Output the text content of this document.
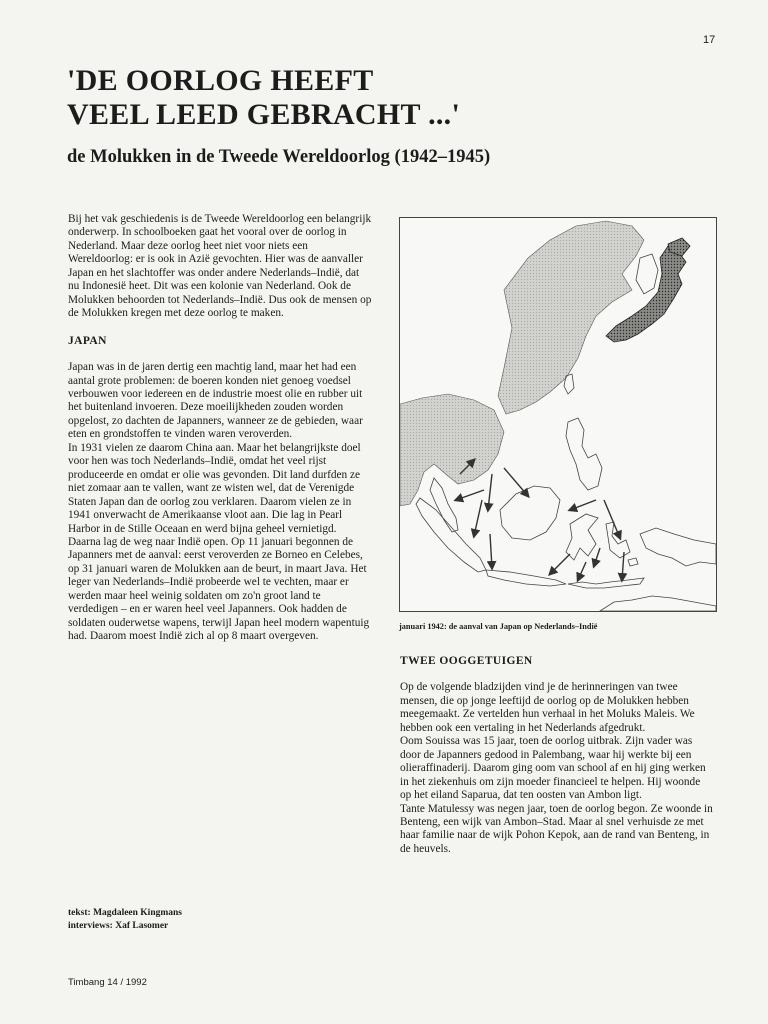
17
'DE OORLOG HEEFT
VEEL LEED GEBRACHT ...'
de Molukken in de Tweede Wereldoorlog (1942–1945)

Bij het vak geschiedenis is de Tweede Wereldoorlog een belangrijk onderwerp. In schoolboeken gaat het vooral over de oorlog in Nederland. Maar deze oorlog heet niet voor niets een Wereldoorlog: er is ook in Azië gevochten. Hier was de aanvaller Japan en het slachtoffer was onder andere Nederlands–Indië, dat nu Indonesië heet. Dit was een kolonie van Nederland. Ook de Molukken behoorden tot Nederlands–Indië. Dus ook de mensen op de Molukken kregen met deze oorlog te maken.

JAPAN

Japan was in de jaren dertig een machtig land, maar het had een aantal grote problemen: de boeren konden niet genoeg voedsel verbouwen voor iedereen en de industrie moest olie en rubber uit het buitenland invoeren. Deze moeilijkheden zouden worden opgelost, zo dachten de Japanners, wanneer ze de gebieden, waar eten en grondstoffen te vinden waren veroverden.

In 1931 vielen ze daarom China aan. Maar het belangrijkste doel voor hen was toch Nederlands–Indië, omdat het veel rijst produceerde en omdat er olie was gevonden. Dit land durfden ze niet zomaar aan te vallen, want ze wisten wel, dat de Verenigde Staten Japan dan de oorlog zou verklaren. Daarom vielen ze in 1941 onverwacht de Amerikaanse vloot aan. Die lag in Pearl Harbor in de Stille Oceaan en werd bijna geheel vernietigd.

Daarna lag de weg naar Indië open. Op 11 januari begonnen de Japanners met de aanval: eerst veroverden ze Borneo en Celebes, op 31 januari waren de Molukken aan de beurt, in maart Java. Het leger van Nederlands–Indië probeerde wel te vechten, maar er werden maar heel weinig soldaten om zo'n groot land te verdedigen – en er waren heel veel Japanners. Ook hadden de soldaten ouderwetse wapens, terwijl Japan heel modern wapentuig had. Daarom moest Indië zich al op 8 maart overgeven.

januari 1942: de aanval van Japan op Nederlands–Indië
TWEE OOGGETUIGEN

Op de volgende bladzijden vind je de herinneringen van twee mensen, die op jonge leeftijd de oorlog op de Molukken hebben meegemaakt. Ze vertelden hun verhaal in het Moluks Maleis. We hebben ook een vertaling in het Nederlands afgedrukt.

Oom Souissa was 15 jaar, toen de oorlog uitbrak. Zijn vader was door de Japanners gedood in Palembang, waar hij werkte bij een olieraffinaderij. Daarom ging oom van school af en hij ging werken in het ziekenhuis om zijn moeder financieel te helpen. Hij woonde op het eiland Saparua, dat ten oosten van Ambon ligt.

Tante Matulessy was negen jaar, toen de oorlog begon. Ze woonde in Benteng, een wijk van Ambon–Stad. Maar al snel verhuisde ze met haar familie naar de wijk Pohon Kepok, aan de rand van Benteng, in de heuvels.

tekst: Magdaleen Kingmans
interviews: Xaf Lasomer
Timbang 14 / 1992
